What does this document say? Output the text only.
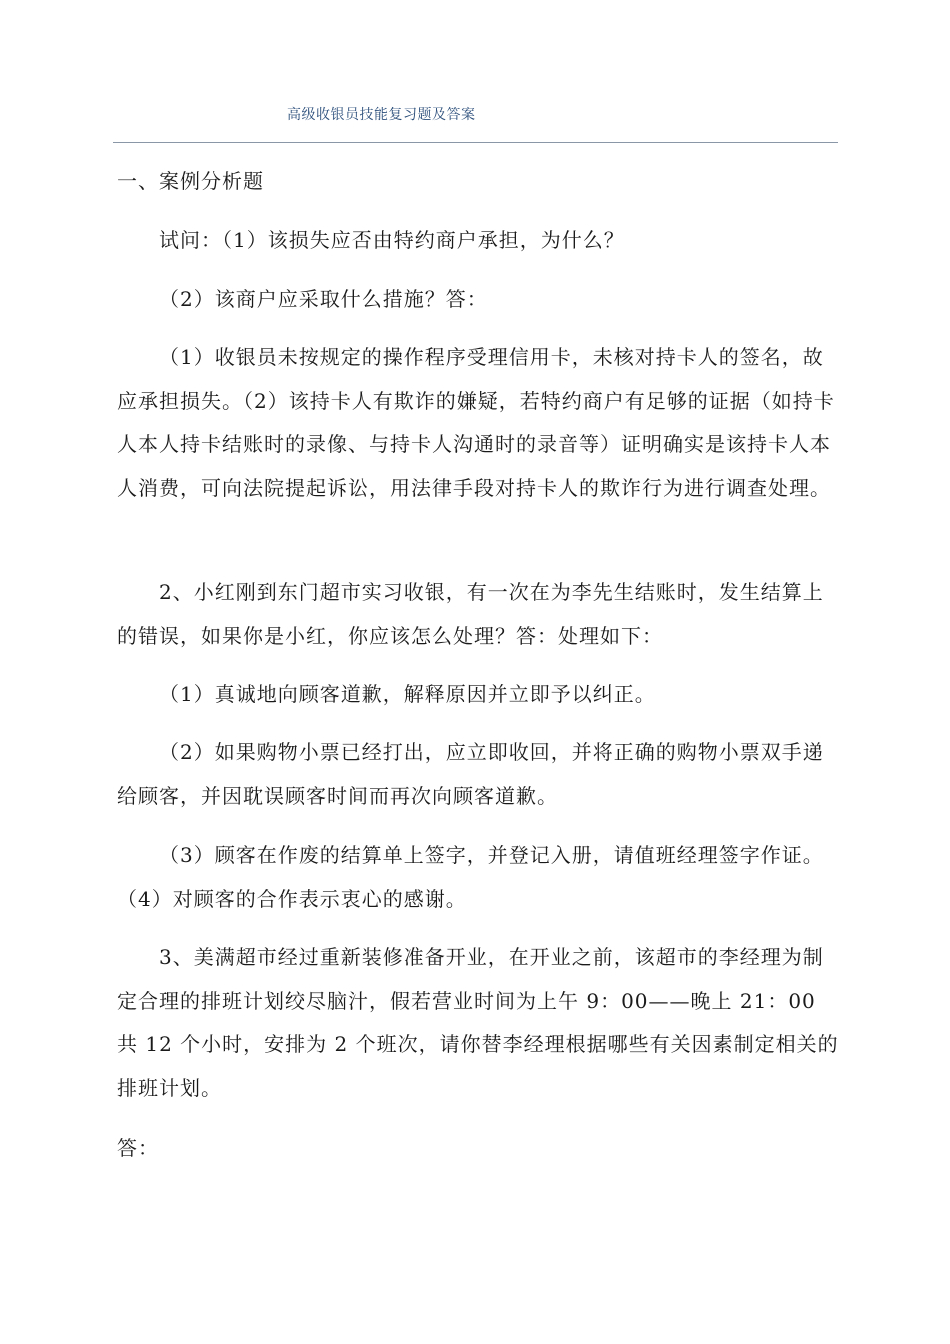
高级收银员技能复习题及答案

一、案例分析题

试问：（1）该损失应否由特约商户承担，为什么？

（2）该商户应采取什么措施？答：

（1）收银员未按规定的操作程序受理信用卡，未核对持卡人的签名，故应承担损失。（2）该持卡人有欺诈的嫌疑，若特约商户有足够的证据（如持卡人本人持卡结账时的录像、与持卡人沟通时的录音等）证明确实是该持卡人本人消费，可向法院提起诉讼，用法律手段对持卡人的欺诈行为进行调查处理。

2、小红刚到东门超市实习收银，有一次在为李先生结账时，发生结算上的错误，如果你是小红，你应该怎么处理？答：处理如下：

（1）真诚地向顾客道歉，解释原因并立即予以纠正。

（2）如果购物小票已经打出，应立即收回，并将正确的购物小票双手递给顾客，并因耽误顾客时间而再次向顾客道歉。

（3）顾客在作废的结算单上签字，并登记入册，请值班经理签字作证。（4）对顾客的合作表示衷心的感谢。

3、美满超市经过重新装修准备开业，在开业之前，该超市的李经理为制定合理的排班计划绞尽脑汁，假若营业时间为上午 9：00——晚上 21：00 共 12 个小时，安排为 2 个班次，请你替李经理根据哪些有关因素制定相关的排班计划。

答：
